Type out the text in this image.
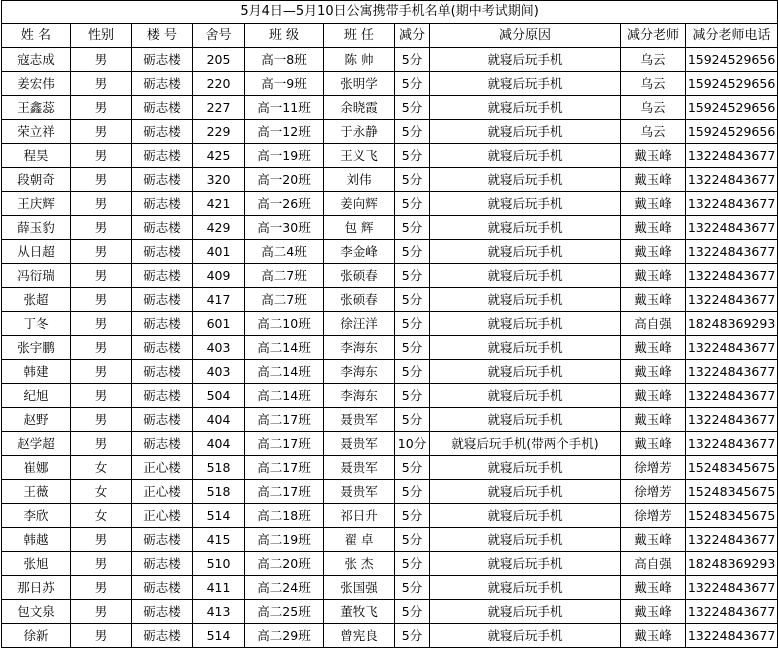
5月4日—5月10日公寓携带手机名单(期中考试期间)									
姓 名	性别	楼 号	舍号	班 级	班 任	减分	减分原因	减分老师	减分老师电话
寇志成	男	砺志楼	205	高一8班	陈 帅	5分	就寝后玩手机	乌云	15924529656
姜宏伟	男	砺志楼	220	高一9班	张明学	5分	就寝后玩手机	乌云	15924529656
王鑫蕊	男	砺志楼	227	高一11班	余晓霞	5分	就寝后玩手机	乌云	15924529656
荣立祥	男	砺志楼	229	高一12班	于永静	5分	就寝后玩手机	乌云	15924529656
程昊	男	砺志楼	425	高一19班	王义飞	5分	就寝后玩手机	戴玉峰	13224843677
段朝奇	男	砺志楼	320	高一20班	刘伟	5分	就寝后玩手机	戴玉峰	13224843677
王庆辉	男	砺志楼	421	高一26班	姜向辉	5分	就寝后玩手机	戴玉峰	13224843677
薛玉豹	男	砺志楼	429	高一30班	包 辉	5分	就寝后玩手机	戴玉峰	13224843677
从日超	男	砺志楼	401	高二4班	李金峰	5分	就寝后玩手机	戴玉峰	13224843677
冯衍瑞	男	砺志楼	409	高二7班	张硕春	5分	就寝后玩手机	戴玉峰	13224843677
张超	男	砺志楼	417	高二7班	张硕春	5分	就寝后玩手机	戴玉峰	13224843677
丁冬	男	砺志楼	601	高二10班	徐汪洋	5分	就寝后玩手机	高自强	18248369293
张宇鹏	男	砺志楼	403	高二14班	李海东	5分	就寝后玩手机	戴玉峰	13224843677
韩建	男	砺志楼	403	高二14班	李海东	5分	就寝后玩手机	戴玉峰	13224843677
纪旭	男	砺志楼	504	高二14班	李海东	5分	就寝后玩手机	戴玉峰	13224843677
赵野	男	砺志楼	404	高二17班	聂贵军	5分	就寝后玩手机	戴玉峰	13224843677
赵学超	男	砺志楼	404	高二17班	聂贵军	10分	就寝后玩手机(带两个手机)	戴玉峰	13224843677
崔娜	女	正心楼	518	高二17班	聂贵军	5分	就寝后玩手机	徐增芳	15248345675
王薇	女	正心楼	518	高二17班	聂贵军	5分	就寝后玩手机	徐增芳	15248345675
李欣	女	正心楼	514	高二18班	祁日升	5分	就寝后玩手机	徐增芳	15248345675
韩越	男	砺志楼	415	高二19班	翟 卓	5分	就寝后玩手机	戴玉峰	13224843677
张旭	男	砺志楼	510	高二20班	张 杰	5分	就寝后玩手机	高自强	18248369293
那日苏	男	砺志楼	411	高二24班	张国强	5分	就寝后玩手机	戴玉峰	13224843677
包文泉	男	砺志楼	413	高二25班	董牧飞	5分	就寝后玩手机	戴玉峰	13224843677
徐新	男	砺志楼	514	高二29班	曾宪良	5分	就寝后玩手机	戴玉峰	13224843677
